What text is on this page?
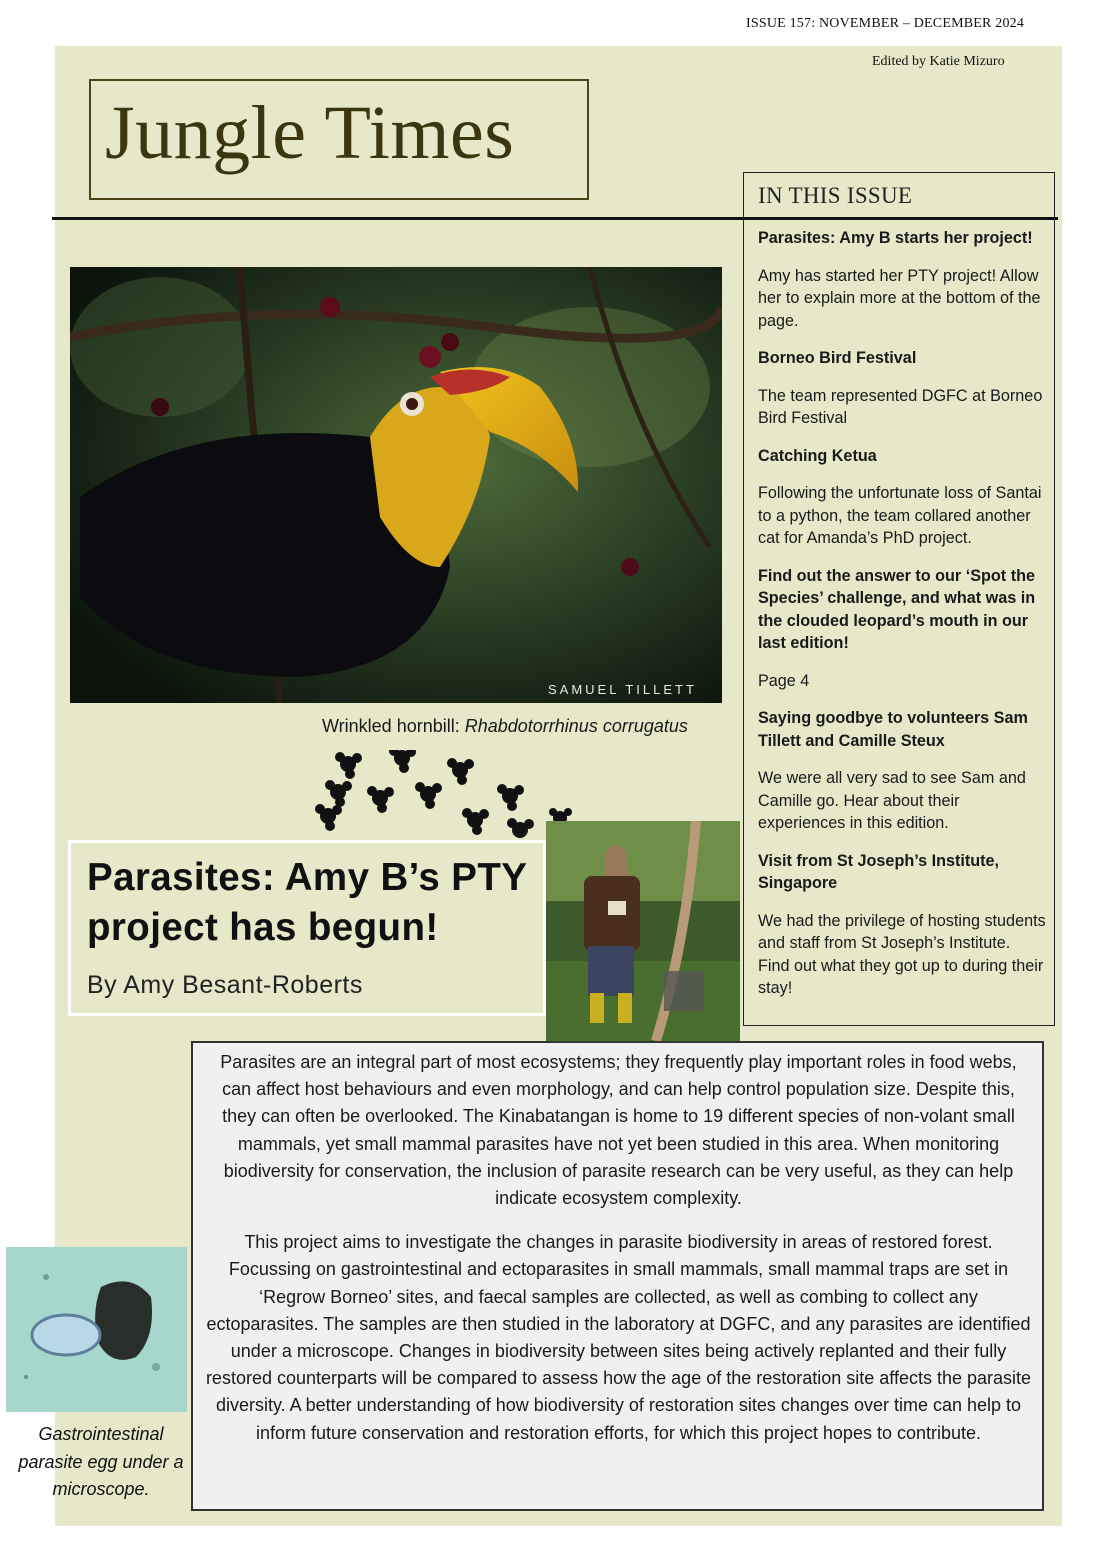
ISSUE 157: NOVEMBER – DECEMBER 2024
Edited by Katie Mizuro
Jungle Times
IN THIS ISSUE

Parasites: Amy B starts her project!

Amy has started her PTY project! Allow her to explain more at the bottom of the page.

Borneo Bird Festival

The team represented DGFC at Borneo Bird Festival

Catching Ketua

Following the unfortunate loss of Santai to a python, the team collared another cat for Amanda’s PhD project.

Find out the answer to our ‘Spot the Species’ challenge, and what was in the clouded leopard’s mouth in our last edition!

Page 4

Saying goodbye to volunteers Sam Tillett and Camille Steux

We were all very sad to see Sam and Camille go. Hear about their experiences in this edition.

Visit from St Joseph’s Institute, Singapore

We had the privilege of hosting students and staff from St Joseph’s Institute. Find out what they got up to during their stay!

SAMUEL TILLETT
Wrinkled hornbill: Rhabdotorrhinus corrugatus
Parasites: Amy B’s PTY project has begun!
By Amy Besant-Roberts

Parasites are an integral part of most ecosystems; they frequently play important roles in food webs, can affect host behaviours and even morphology, and can help control population size. Despite this, they can often be overlooked. The Kinabatangan is home to 19 different species of non-volant small mammals, yet small mammal parasites have not yet been studied in this area. When monitoring biodiversity for conservation, the inclusion of parasite research can be very useful, as they can help indicate ecosystem complexity.

This project aims to investigate the changes in parasite biodiversity in areas of restored forest. Focussing on gastrointestinal and ectoparasites in small mammals, small mammal traps are set in ‘Regrow Borneo’ sites, and faecal samples are collected, as well as combing to collect any ectoparasites. The samples are then studied in the laboratory at DGFC, and any parasites are identified under a microscope. Changes in biodiversity between sites being actively replanted and their fully restored counterparts will be compared to assess how the age of the restoration site affects the parasite diversity. A better understanding of how biodiversity of restoration sites changes over time can help to inform future conservation and restoration efforts, for which this project hopes to contribute.

Gastrointestinal parasite egg under a microscope.
